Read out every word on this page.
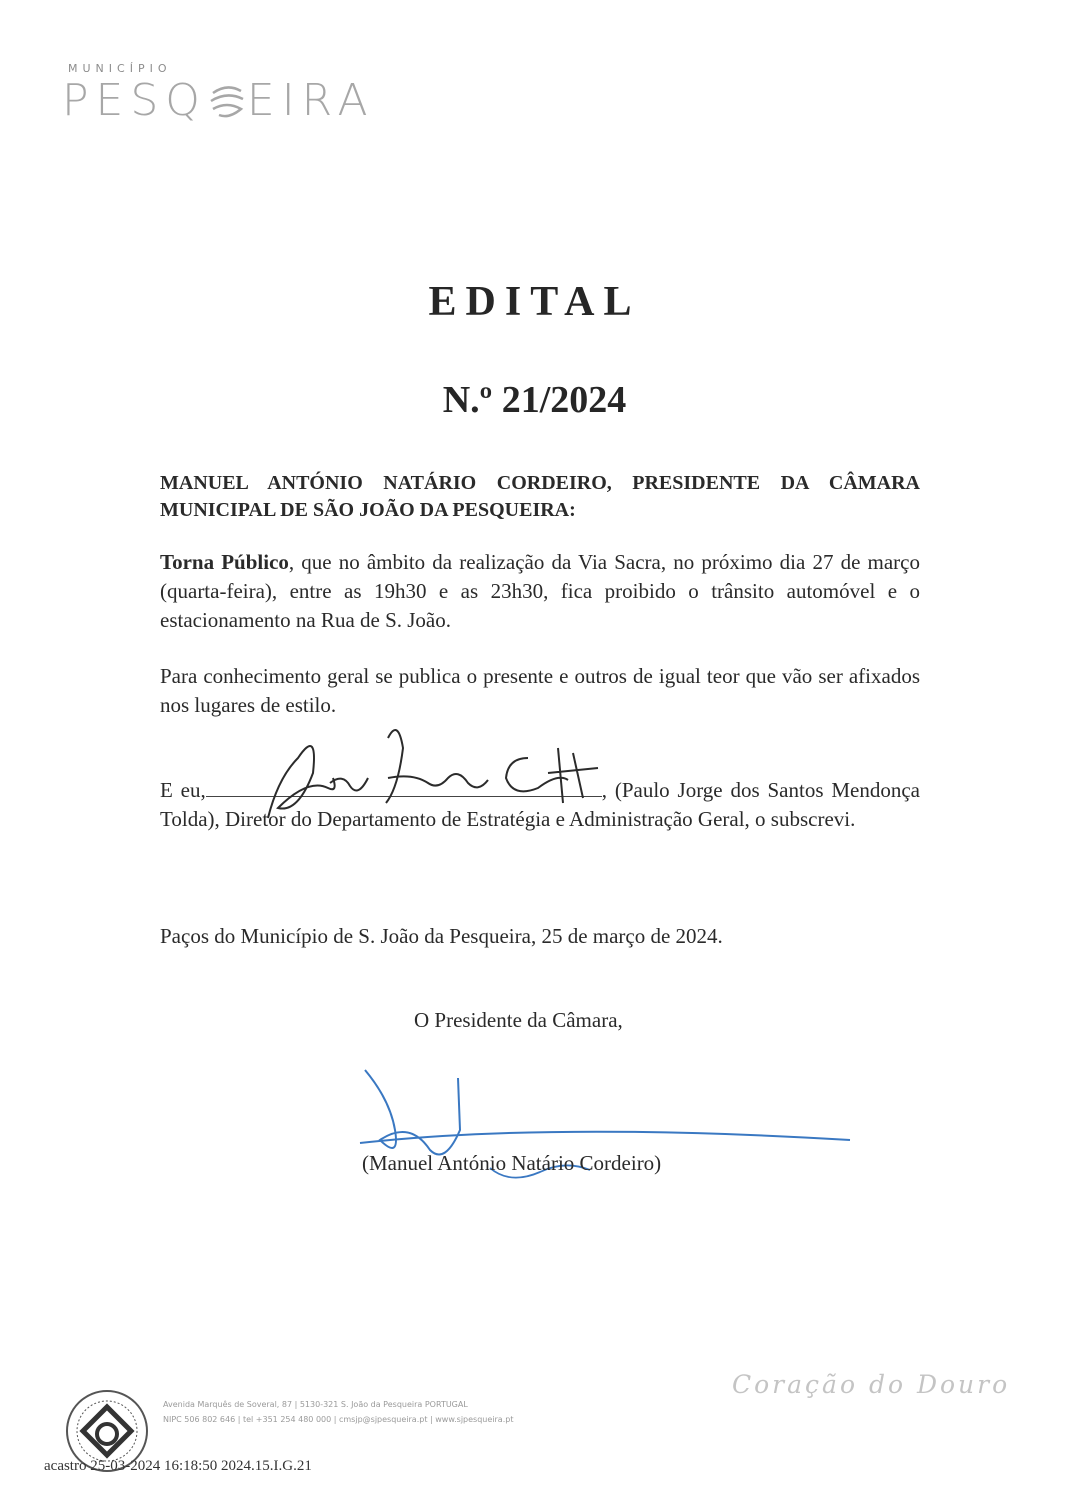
MUNICÍPIO
PESQ EIRA
EDITAL
N.º 21/2024
MANUEL ANTÓNIO NATÁRIO CORDEIRO, PRESIDENTE DA CÂMARA MUNICIPAL DE SÃO JOÃO DA PESQUEIRA:
Torna Público, que no âmbito da realização da Via Sacra, no próximo dia 27 de março (quarta-feira), entre as 19h30 e as 23h30, fica proibido o trânsito automóvel e o estacionamento na Rua de S. João.
Para conhecimento geral se publica o presente e outros de igual teor que vão ser afixados nos lugares de estilo.
E eu,	, (Paulo Jorge dos Santos Mendonça Tolda), Diretor do Departamento de Estratégia e Administração Geral, o subscrevi.
Paços do Município de S. João da Pesqueira, 25 de março de 2024.
O Presidente da Câmara,
(Manuel António Natário Cordeiro)
Avenida Marquês de Soveral, 87 | 5130-321 S. João da Pesqueira PORTUGAL
NIPC 506 802 646 | tel +351 254 480 000 | cmsjp@sjpesqueira.pt | www.sjpesqueira.pt
Coração do Douro
acastro 25-03-2024 16:18:50 2024.15.I.G.21
